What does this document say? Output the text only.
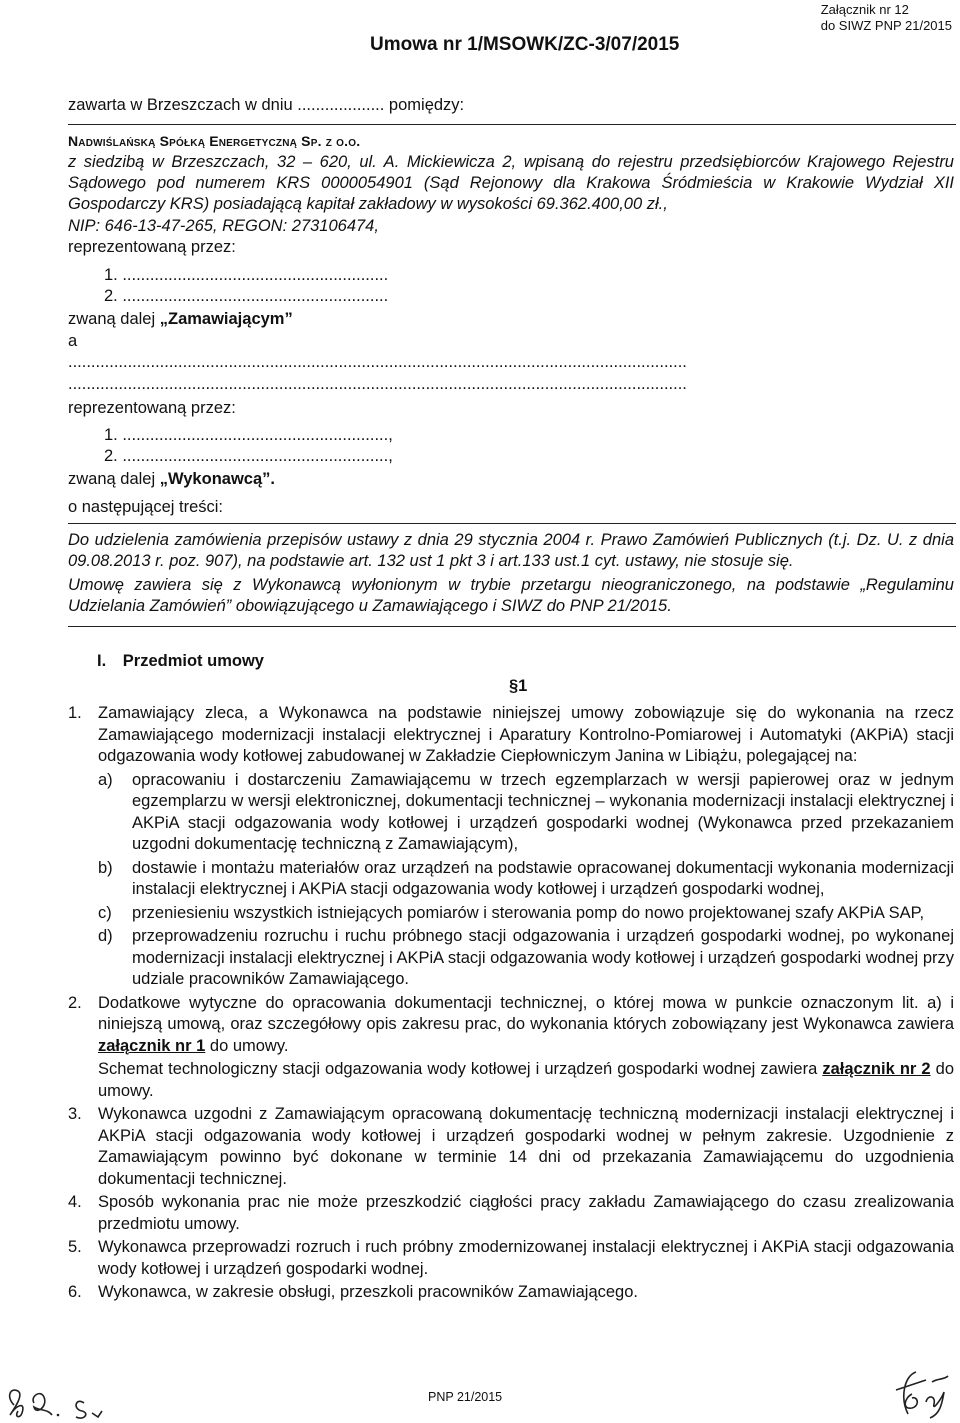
Załącznik nr 12
do SIWZ PNP 21/2015
Umowa nr 1/MSOWK/ZC-3/07/2015
zawarta w Brzeszczach w dniu ................... pomiędzy:
Nadwiślańską Spółką Energetyczną Sp. z o.o.
z siedzibą w Brzeszczach, 32 – 620, ul. A. Mickiewicza 2, wpisaną do rejestru przedsiębiorców Krajowego Rejestru Sądowego pod numerem KRS 0000054901 (Sąd Rejonowy dla Krakowa Śródmieścia w Krakowie Wydział XII Gospodarczy KRS) posiadającą kapitał zakładowy w wysokości 69.362.400,00 zł.,
NIP: 646-13-47-265, REGON: 273106474,
reprezentowaną przez:
1. ..........................................................
2. ..........................................................
zwaną dalej „Zamawiającym”
a
.......................................................................................................................................
.......................................................................................................................................
reprezentowaną przez:
1. ..........................................................,
2. ..........................................................,
zwaną dalej „Wykonawcą”.
o następującej treści:
Do udzielenia zamówienia przepisów ustawy z dnia 29 stycznia 2004 r. Prawo Zamówień Publicznych (t.j. Dz. U. z dnia 09.08.2013 r. poz. 907), na podstawie art. 132 ust 1 pkt 3 i art.133 ust.1 cyt. ustawy, nie stosuje się.
Umowę zawiera się z Wykonawcą wyłonionym w trybie przetargu nieograniczonego, na podstawie „Regulaminu Udzielania Zamówień” obowiązującego u Zamawiającego i SIWZ do PNP 21/2015.
I. Przedmiot umowy
§1
1. Zamawiający zleca, a Wykonawca na podstawie niniejszej umowy zobowiązuje się do wykonania na rzecz Zamawiającego modernizacji instalacji elektrycznej i Aparatury Kontrolno-Pomiarowej i Automatyki (AKPiA) stacji odgazowania wody kotłowej zabudowanej w Zakładzie Ciepłowniczym Janina w Libiążu, polegającej na:
a)	opracowaniu i dostarczeniu Zamawiającemu w trzech egzemplarzach w wersji papierowej oraz w jednym egzemplarzu w wersji elektronicznej, dokumentacji technicznej – wykonania modernizacji instalacji elektrycznej i AKPiA stacji odgazowania wody kotłowej i urządzeń gospodarki wodnej (Wykonawca przed przekazaniem uzgodni dokumentację techniczną z Zamawiającym),
b)	dostawie i montażu materiałów oraz urządzeń na podstawie opracowanej dokumentacji wykonania modernizacji instalacji elektrycznej i AKPiA stacji odgazowania wody kotłowej i urządzeń gospodarki wodnej,
c)	przeniesieniu wszystkich istniejących pomiarów i sterowania pomp do nowo projektowanej szafy AKPiA SAP,
d)	przeprowadzeniu rozruchu i ruchu próbnego stacji odgazowania i urządzeń gospodarki wodnej, po wykonanej modernizacji instalacji elektrycznej i AKPiA stacji odgazowania wody kotłowej i urządzeń gospodarki wodnej przy udziale pracowników Zamawiającego.
2. Dodatkowe wytyczne do opracowania dokumentacji technicznej, o której mowa w punkcie oznaczonym lit. a) i niniejszą umową, oraz szczegółowy opis zakresu prac, do wykonania których zobowiązany jest Wykonawca zawiera załącznik nr 1 do umowy.
Schemat technologiczny stacji odgazowania wody kotłowej i urządzeń gospodarki wodnej zawiera załącznik nr 2 do umowy.
3. Wykonawca uzgodni z Zamawiającym opracowaną dokumentację techniczną modernizacji instalacji elektrycznej i AKPiA stacji odgazowania wody kotłowej i urządzeń gospodarki wodnej w pełnym zakresie. Uzgodnienie z Zamawiającym powinno być dokonane w terminie 14 dni od przekazania Zamawiającemu do uzgodnienia dokumentacji technicznej.
4. Sposób wykonania prac nie może przeszkodzić ciągłości pracy zakładu Zamawiającego do czasu zrealizowania przedmiotu umowy.
5. Wykonawca przeprowadzi rozruch i ruch próbny zmodernizowanej instalacji elektrycznej i AKPiA stacji odgazowania wody kotłowej i urządzeń gospodarki wodnej.
6. Wykonawca, w zakresie obsługi, przeszkoli pracowników Zamawiającego.
PNP 21/2015
